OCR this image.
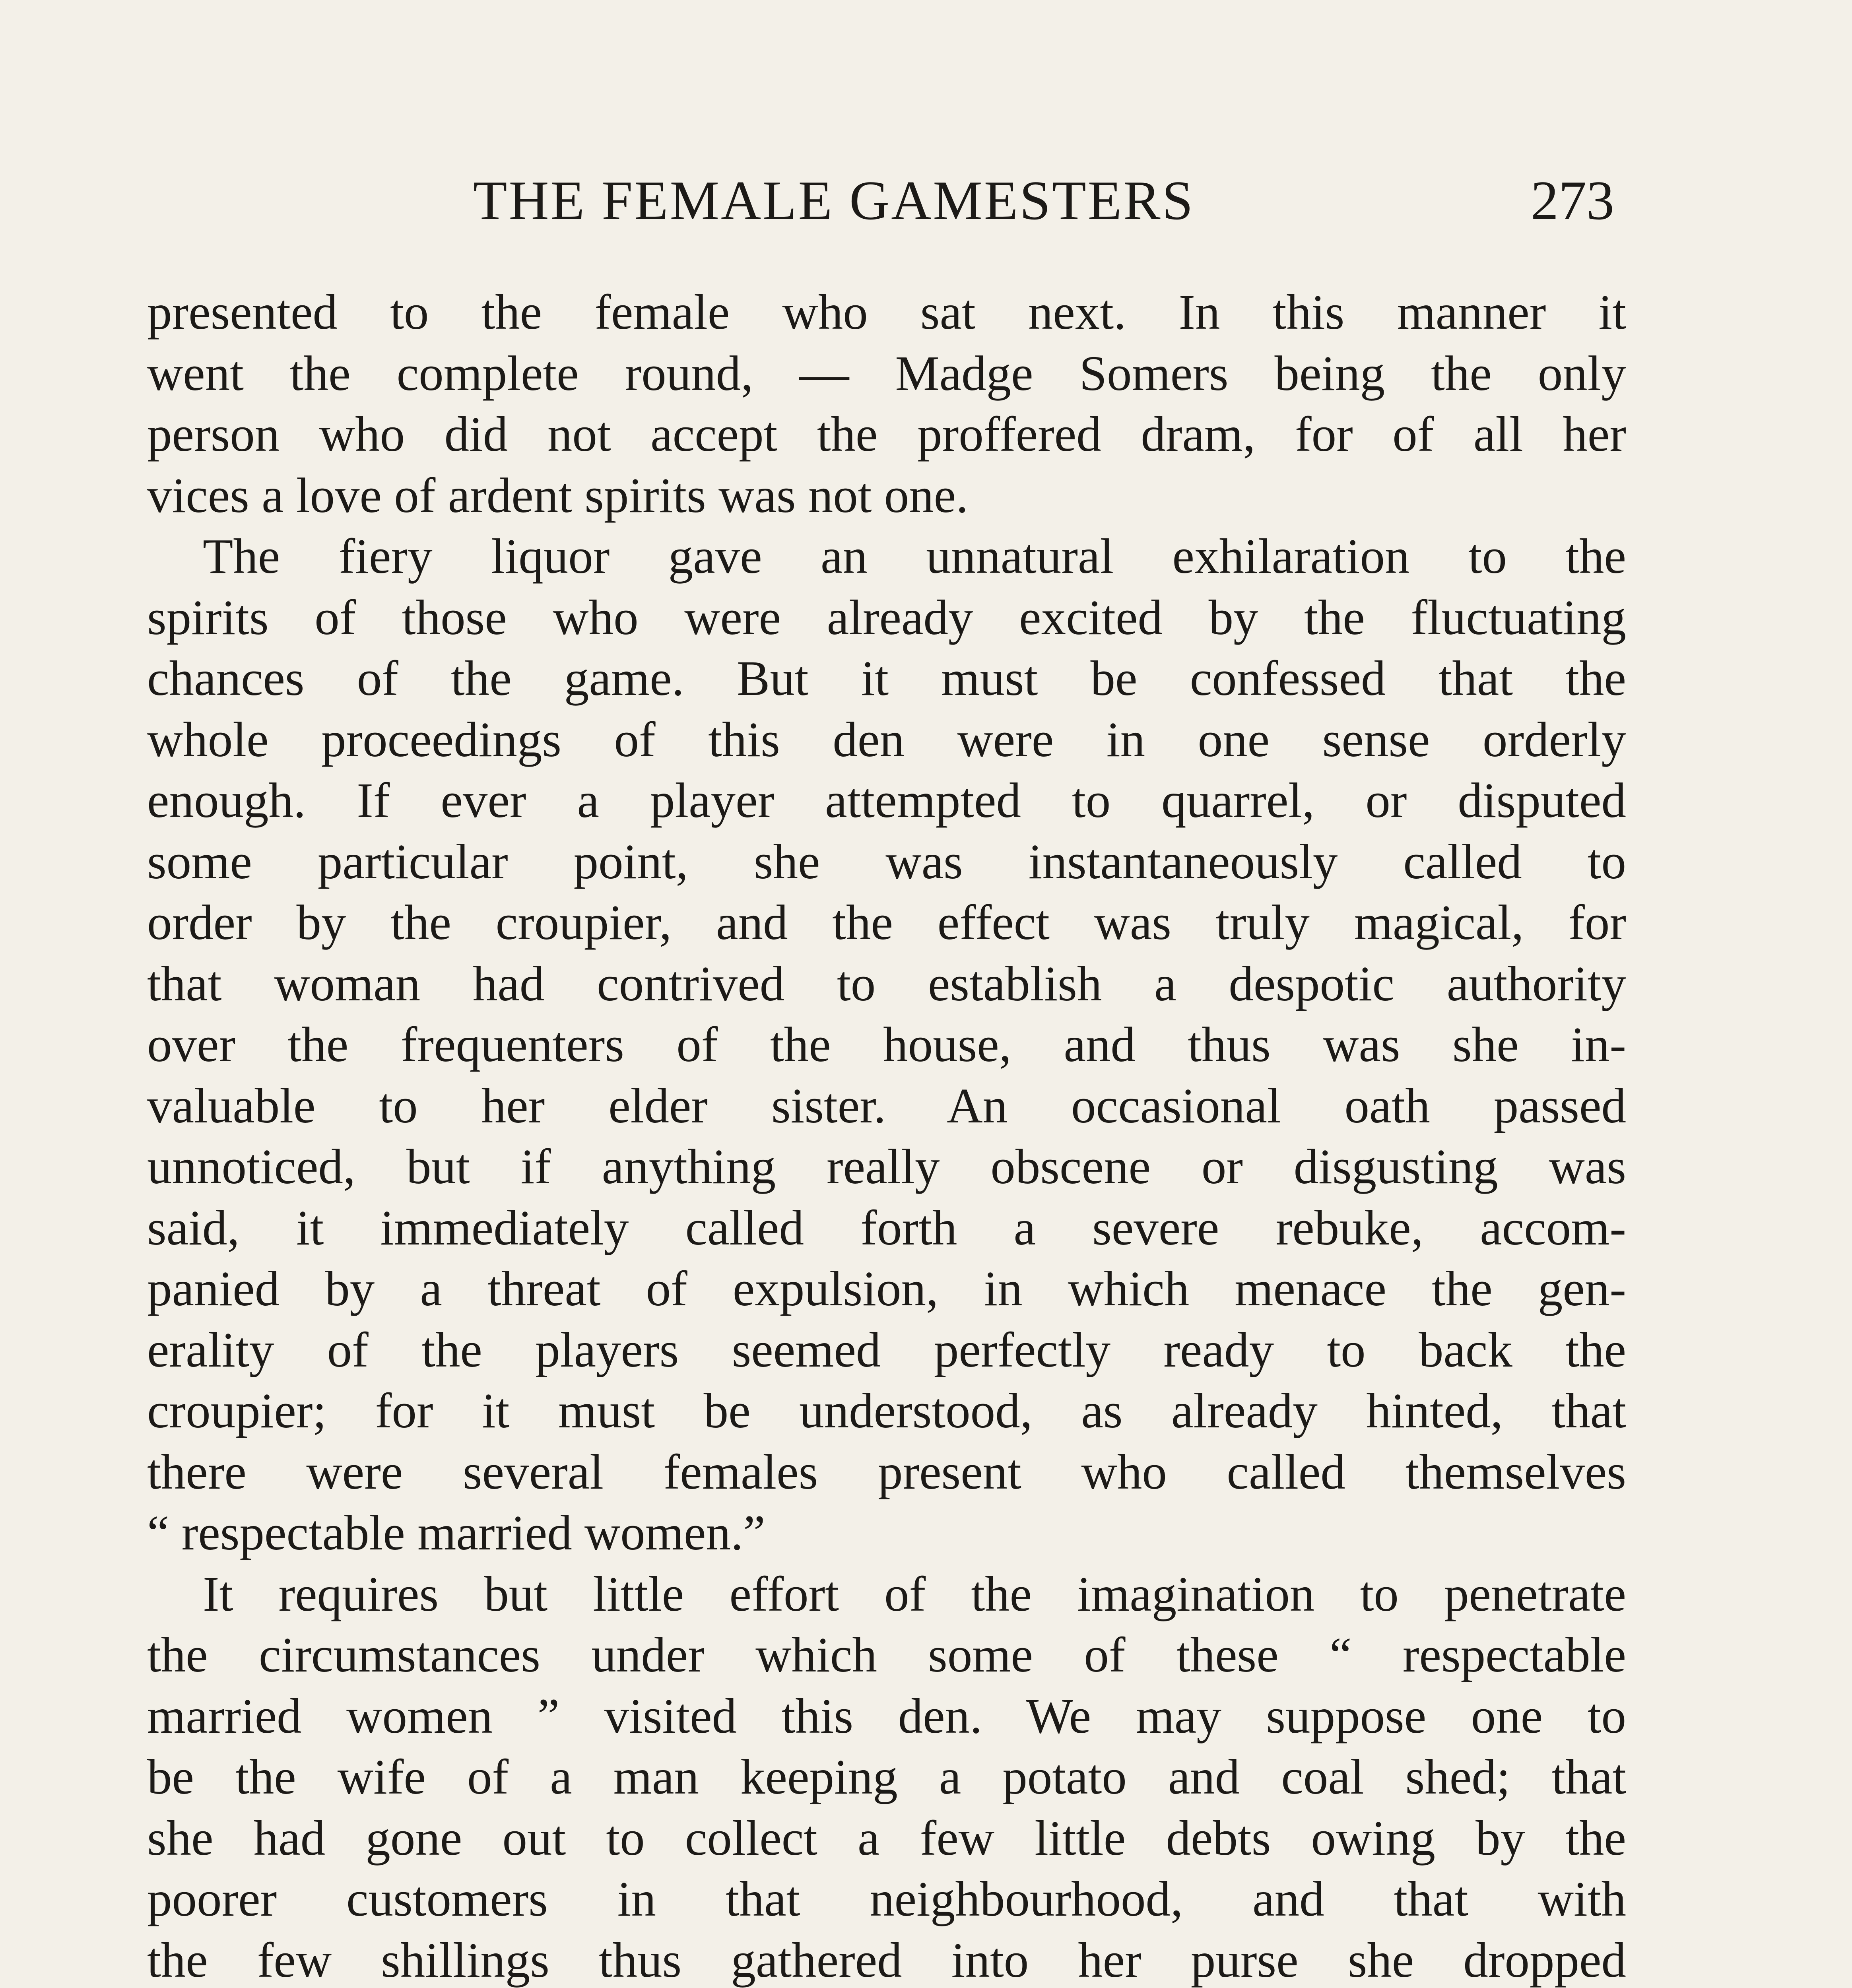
THE FEMALE GAMESTERS	273
presented to the female who sat next. In this manner it
went the complete round, — Madge Somers being the only
person who did not accept the proffered dram, for of all her
vices a love of ardent spirits was not one.
The fiery liquor gave an unnatural exhilaration to the
spirits of those who were already excited by the fluctuating
chances of the game. But it must be confessed that the
whole proceedings of this den were in one sense orderly
enough. If ever a player attempted to quarrel, or disputed
some particular point, she was instantaneously called to
order by the croupier, and the effect was truly magical, for
that woman had contrived to establish a despotic authority
over the frequenters of the house, and thus was she in-
valuable to her elder sister. An occasional oath passed
unnoticed, but if anything really obscene or disgusting was
said, it immediately called forth a severe rebuke, accom-
panied by a threat of expulsion, in which menace the gen-
erality of the players seemed perfectly ready to back the
croupier; for it must be understood, as already hinted, that
there were several females present who called themselves
“ respectable married women.”
It requires but little effort of the imagination to penetrate
the circumstances under which some of these “ respectable
married women ” visited this den. We may suppose one to
be the wife of a man keeping a potato and coal shed; that
she had gone out to collect a few little debts owing by the
poorer customers in that neighbourhood, and that with
the few shillings thus gathered into her purse she dropped
